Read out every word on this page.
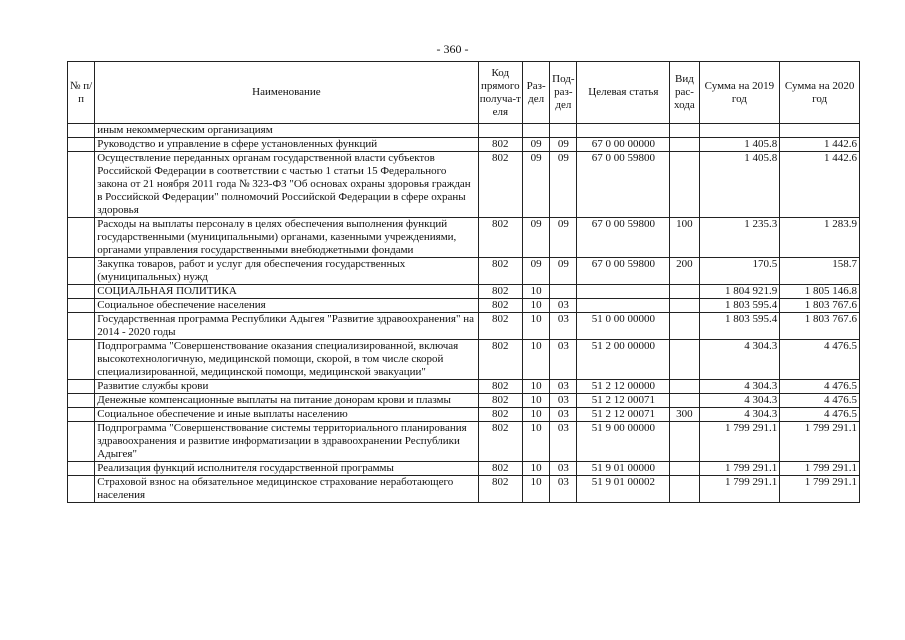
- 360 -
№ п/п	Наименование	Код прямого получа-т еля	Раз-дел	Под-раз-дел	Целевая статья	Вид рас-хода	Сумма на 2019 год	Сумма на 2020 год
	иным некоммерческим организациям							
	Руководство и управление в сфере установленных функций	802	09	09	67 0 00 00000		1 405.8	1 442.6
	Осуществление переданных органам государственной власти субъектов Российской Федерации в соответствии с частью 1 статьи 15 Федерального закона от 21 ноября 2011 года № 323-ФЗ "Об основах охраны здоровья граждан в Российской Федерации" полномочий Российской Федерации в сфере охраны здоровья	802	09	09	67 0 00 59800		1 405.8	1 442.6
	Расходы на выплаты персоналу в целях обеспечения выполнения функций государственными (муниципальными) органами, казенными учреждениями, органами управления государственными внебюджетными фондами	802	09	09	67 0 00 59800	100	1 235.3	1 283.9
	Закупка товаров, работ и услуг для обеспечения государственных (муниципальных) нужд	802	09	09	67 0 00 59800	200	170.5	158.7
	СОЦИАЛЬНАЯ ПОЛИТИКА	802	10				1 804 921.9	1 805 146.8
	Социальное обеспечение населения	802	10	03			1 803 595.4	1 803 767.6
	Государственная программа Республики Адыгея "Развитие здравоохранения" на 2014 - 2020 годы	802	10	03	51 0 00 00000		1 803 595.4	1 803 767.6
	Подпрограмма "Совершенствование оказания специализированной, включая высокотехнологичную, медицинской помощи, скорой, в том числе скорой специализированной, медицинской помощи, медицинской эвакуации"	802	10	03	51 2 00 00000		4 304.3	4 476.5
	Развитие службы крови	802	10	03	51 2 12 00000		4 304.3	4 476.5
	Денежные компенсационные выплаты на питание донорам крови и плазмы	802	10	03	51 2 12 00071		4 304.3	4 476.5
	Социальное обеспечение и иные выплаты населению	802	10	03	51 2 12 00071	300	4 304.3	4 476.5
	Подпрограмма "Совершенствование системы территориального планирования здравоохранения и развитие информатизации в здравоохранении Республики Адыгея"	802	10	03	51 9 00 00000		1 799 291.1	1 799 291.1
	Реализация функций исполнителя государственной программы	802	10	03	51 9 01 00000		1 799 291.1	1 799 291.1
	Страховой взнос на обязательное медицинское страхование неработающего населения	802	10	03	51 9 01 00002		1 799 291.1	1 799 291.1
